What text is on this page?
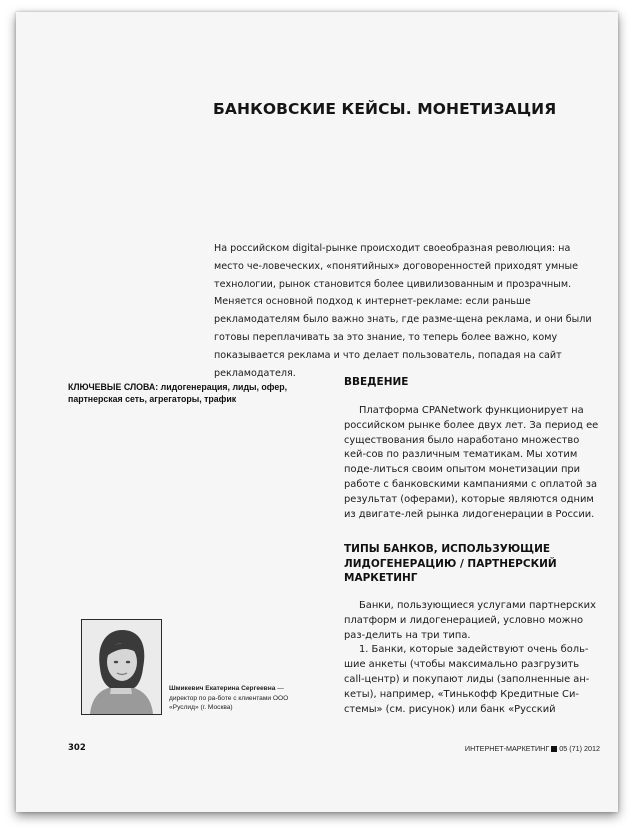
БАНКОВСКИЕ КЕЙСЫ. МОНЕТИЗАЦИЯ

На российском digital-рынке происходит своеобразная революция: на место че-ловеческих, «понятийных» договоренностей приходят умные технологии, рынок становится более цивилизованным и прозрачным. Меняется основной подход к интернет-рекламе: если раньше рекламодателям было важно знать, где разме-щена реклама, и они были готовы переплачивать за это знание, то теперь более важно, кому показывается реклама и что делает пользователь, попадая на сайт рекламодателя.

КЛЮЧЕВЫЕ СЛОВА: лидогенерация, лиды, офер, партнерская сеть, агрегаторы, трафик

ВВЕДЕНИЕ

Платформа CPANetwork функционирует на российском рынке более двух лет. За период ее существования было наработано множество кей-сов по различным тематикам. Мы хотим поде-литься своим опытом монетизации при работе с банковскими кампаниями с оплатой за результат (оферами), которые являются одним из двигате-лей рынка лидогенерации в России.

ТИПЫ БАНКОВ, ИСПОЛЬЗУЮЩИЕ ЛИДОГЕНЕРАЦИЮ / ПАРТНЕРСКИЙ МАРКЕТИНГ

Банки, пользующиеся услугами партнерских платформ и лидогенерацией, условно можно раз-делить на три типа.

1. Банки, которые задействуют очень боль-шие анкеты (чтобы максимально разгрузить call-центр) и покупают лиды (заполненные ан-кеты), например, «Тинькофф Кредитные Си-стемы» (см. рисунок) или банк «Русский

Шмикевич Екатерина Сергеевна — директор по ра-боте с клиентами ООО «Руслид» (г. Москва)

302	ИНТЕРНЕТ-МАРКЕТИНГ 05 (71) 2012
